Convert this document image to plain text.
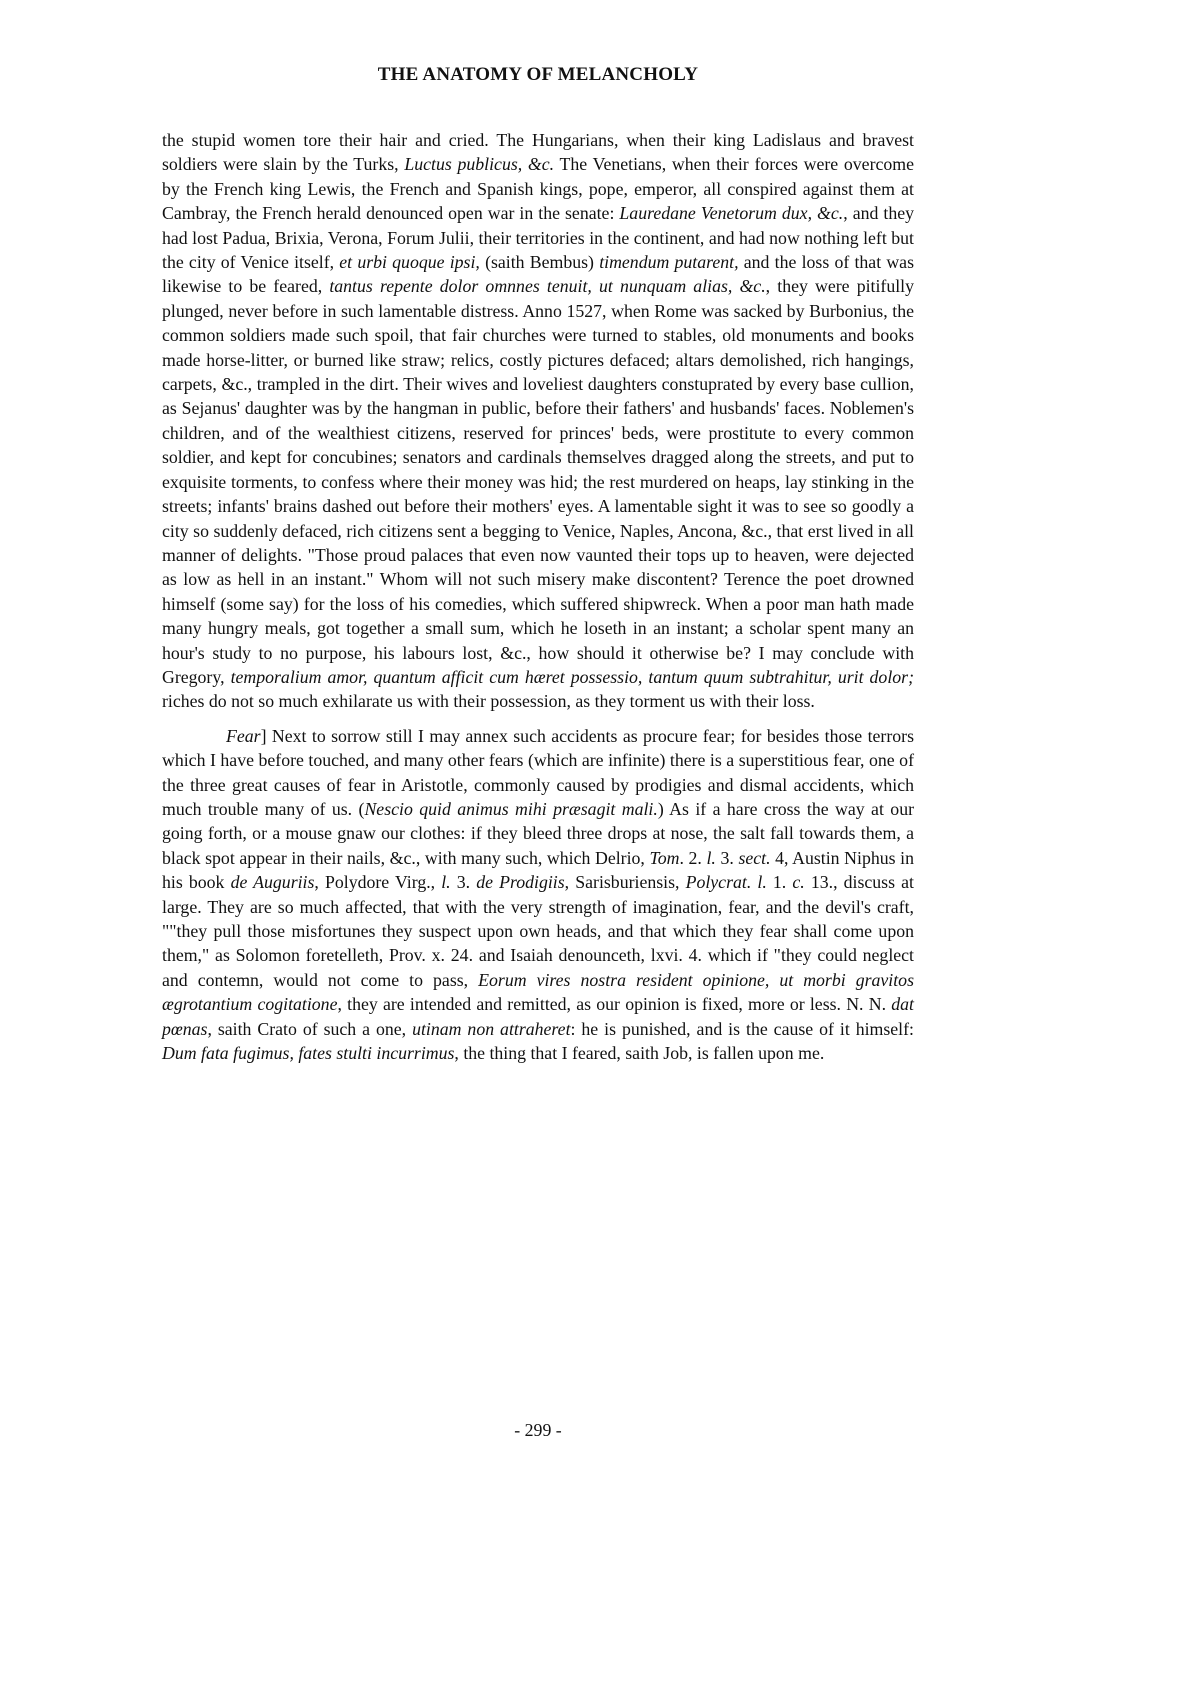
THE ANATOMY OF MELANCHOLY

the stupid women tore their hair and cried. The Hungarians, when their king Ladislaus and bravest soldiers were slain by the Turks, Luctus publicus, &c. The Venetians, when their forces were overcome by the French king Lewis, the French and Spanish kings, pope, emperor, all conspired against them at Cambray, the French herald denounced open war in the senate: Lauredane Venetorum dux, &c., and they had lost Padua, Brixia, Verona, Forum Julii, their territories in the continent, and had now nothing left but the city of Venice itself, et urbi quoque ipsi, (saith Bembus) timendum putarent, and the loss of that was likewise to be feared, tantus repente dolor omnnes tenuit, ut nunquam alias, &c., they were pitifully plunged, never before in such lamentable distress. Anno 1527, when Rome was sacked by Burbonius, the common soldiers made such spoil, that fair churches were turned to stables, old monuments and books made horse-litter, or burned like straw; relics, costly pictures defaced; altars demolished, rich hangings, carpets, &c., trampled in the dirt. Their wives and loveliest daughters constuprated by every base cullion, as Sejanus' daughter was by the hangman in public, before their fathers' and husbands' faces. Noblemen's children, and of the wealthiest citizens, reserved for princes' beds, were prostitute to every common soldier, and kept for concubines; senators and cardinals themselves dragged along the streets, and put to exquisite torments, to confess where their money was hid; the rest murdered on heaps, lay stinking in the streets; infants' brains dashed out before their mothers' eyes. A lamentable sight it was to see so goodly a city so suddenly defaced, rich citizens sent a begging to Venice, Naples, Ancona, &c., that erst lived in all manner of delights. "Those proud palaces that even now vaunted their tops up to heaven, were dejected as low as hell in an instant." Whom will not such misery make discontent? Terence the poet drowned himself (some say) for the loss of his comedies, which suffered shipwreck. When a poor man hath made many hungry meals, got together a small sum, which he loseth in an instant; a scholar spent many an hour's study to no purpose, his labours lost, &c., how should it otherwise be? I may conclude with Gregory, temporalium amor, quantum afficit cum hæret possessio, tantum quum subtrahitur, urit dolor; riches do not so much exhilarate us with their possession, as they torment us with their loss.

Fear] Next to sorrow still I may annex such accidents as procure fear; for besides those terrors which I have before touched, and many other fears (which are infinite) there is a superstitious fear, one of the three great causes of fear in Aristotle, commonly caused by prodigies and dismal accidents, which much trouble many of us. (Nescio quid animus mihi præsagit mali.) As if a hare cross the way at our going forth, or a mouse gnaw our clothes: if they bleed three drops at nose, the salt fall towards them, a black spot appear in their nails, &c., with many such, which Delrio, Tom. 2. l. 3. sect. 4, Austin Niphus in his book de Auguriis, Polydore Virg., l. 3. de Prodigiis, Sarisburiensis, Polycrat. l. 1. c. 13., discuss at large. They are so much affected, that with the very strength of imagination, fear, and the devil's craft, ""they pull those misfortunes they suspect upon own heads, and that which they fear shall come upon them," as Solomon foretelleth, Prov. x. 24. and Isaiah denounceth, lxvi. 4. which if "they could neglect and contemn, would not come to pass, Eorum vires nostra resident opinione, ut morbi gravitos ægrotantium cogitatione, they are intended and remitted, as our opinion is fixed, more or less. N. N. dat pœnas, saith Crato of such a one, utinam non attraheret: he is punished, and is the cause of it himself: Dum fata fugimus, fates stulti incurrimus, the thing that I feared, saith Job, is fallen upon me.

- 299 -
